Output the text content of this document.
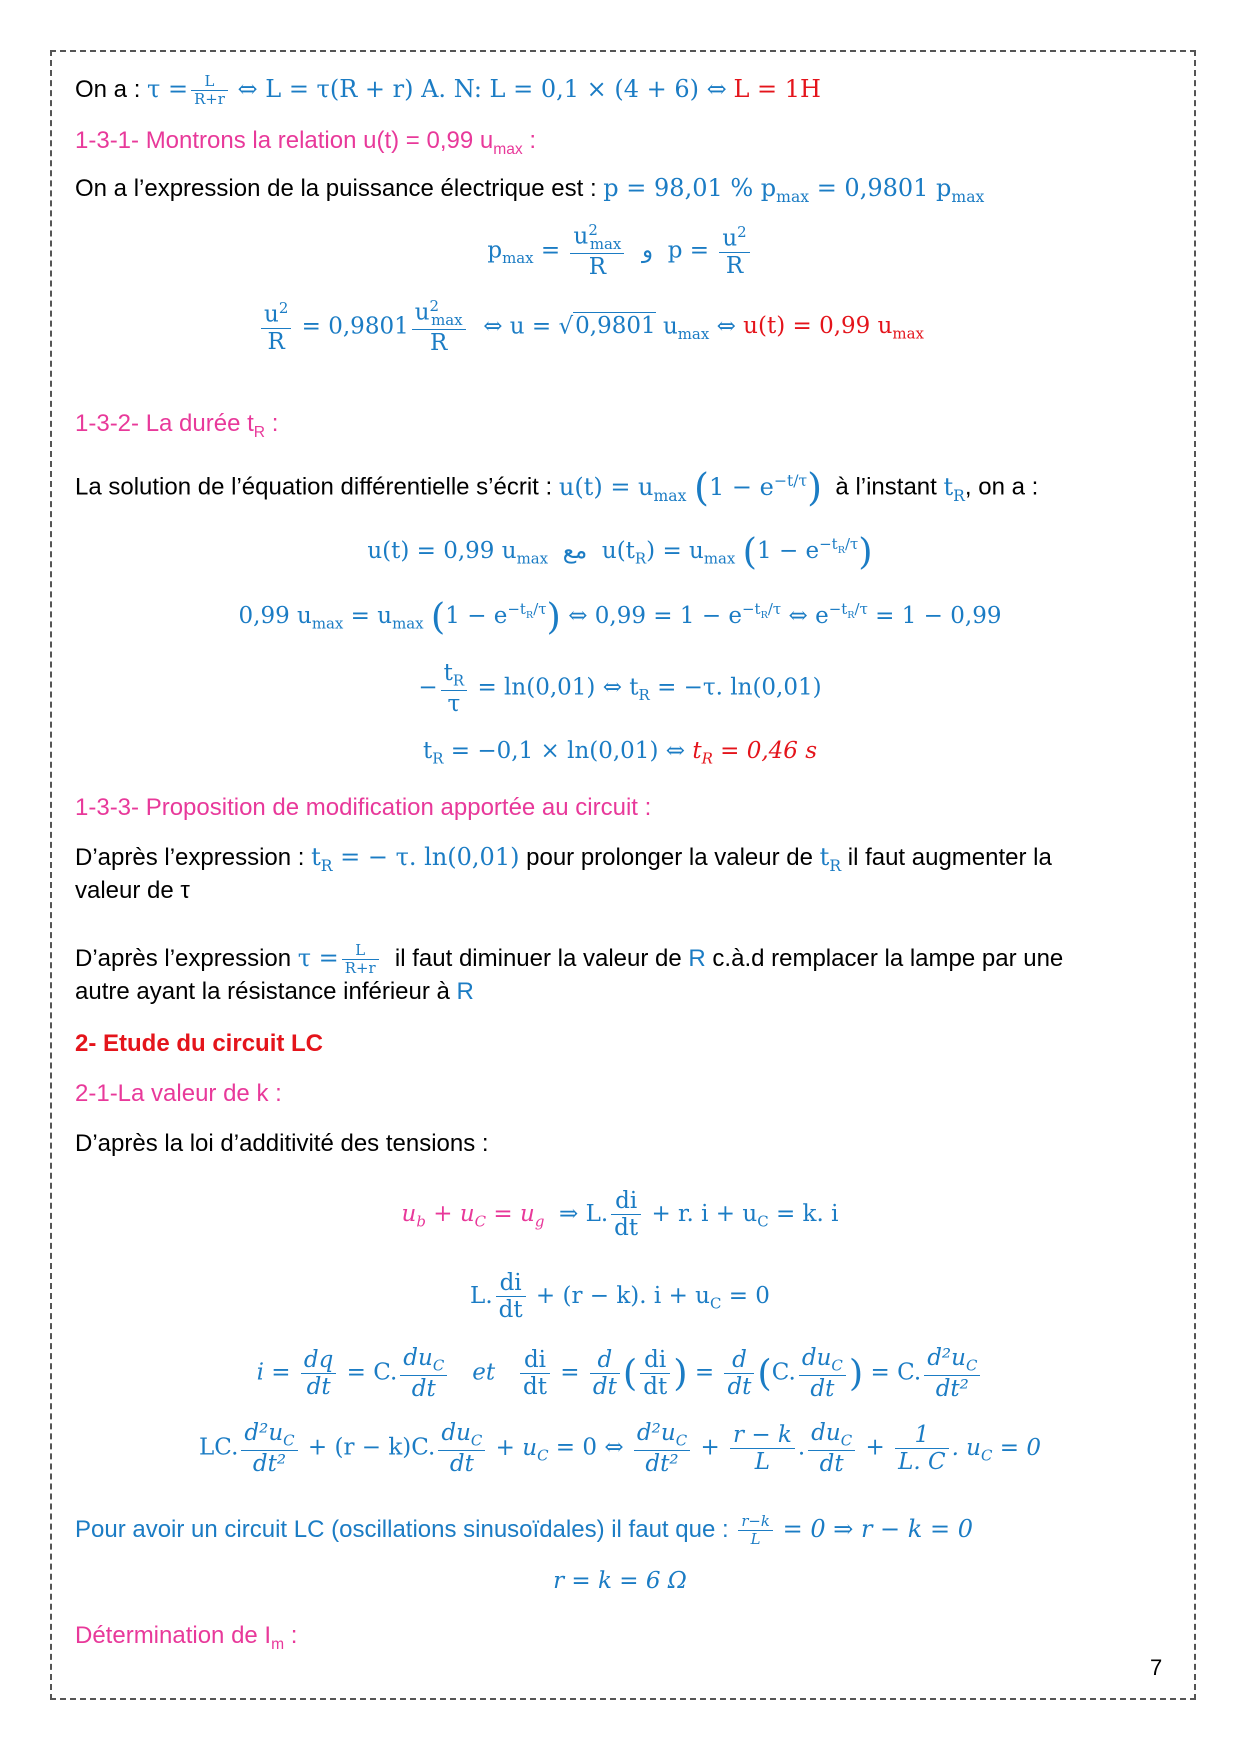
On a : $\tau = \frac{L}{R+r}$ ⇔ L = τ(R + r) A. N: L = 0,1 × (4 + 6) ⇔ L = 1H
1-3-1- Montrons la relation u(t) = 0,99 $u_{max}$ :
On a l’expression de la puissance électrique est : p = 98,01 % $p_{max} = 0,9801$ $p_{max}$
$p_{max} = \frac{u^2_{max}}{R}$ و $p = \frac{u^2}{R}$
$\frac{u^2}{R} = 0,9801 \frac{u^2_{max}}{R}$ ⇔ u = √0,9801 $u_{max}$ ⇔ u(t) = 0,99 $u_{max}$
1-3-2- La durée $t_R$ :
La solution de l’équation différentielle s’écrit : $u(t) = u_{max}$ $(1 - e^{-t/\tau})$ à l’instant $t_R$, on a :
u(t) = 0,99 $u_{max}$ مع $u(t_R) = u_{max}$ $(1 - e^{-t_R/\tau})$
0,99 $u_{max} = u_{max}$ $(1 - e^{-t_R/\tau})$ ⇔ $0,99 = 1 - e^{-t_R/\tau}$ ⇔ $e^{-t_R/\tau} = 1 - 0,99$
− $\frac{t_R}{\tau} = \ln(0,01)$ ⇔ $t_R = -\tau$. ln(0,01)
$t_R = -0,1 \times \ln(0,01)$ ⇔ $t_R = 0,46$ s
1-3-3- Proposition de modification apportée au circuit :
D’après l’expression : $t_R$ = − τ. ln(0,01) pour prolonger la valeur de $t_R$ il faut augmenter la
valeur de τ
D’après l’expression $\tau = \frac{L}{R+r}$ il faut diminuer la valeur de R c.à.d remplacer la lampe par une
autre ayant la résistance inférieur à R
2- Etude du circuit LC
2-1-La valeur de k :
D’après la loi d’additivité des tensions :
$u_b + u_C = u_g$ ⇒ L. $\frac{di}{dt} + r$. $i + u_C = k$. i
L. $\frac{di}{dt} + (r - k)$. $i + u_C = 0$
$i = \frac{dq}{dt} = C$. $\frac{du_C}{dt}$ et $\frac{di}{dt} = \frac{d}{dt}$ ( $\frac{di}{dt}$ ) = $\frac{d}{dt} (C$. $\frac{du_C}{dt}$ ) = C. $\frac{d^2u_C}{\text{dt²}}$
LC. $\frac{d^2u_C}{\text{dt²}} + (r - k)C$. $\frac{du_C}{dt} + u_C = 0$ ⇔ $\frac{d^2u_C}{\text{dt²}} + \frac{r - k}{L}$ . $\frac{du_C}{dt} + \frac{1}{L. C}$ . $u_C = 0$
Pour avoir un circuit LC (oscillations sinusoïdales) il faut que : $\frac{r-k}{L} = 0$ ⇒ r − k = 0
r = k = 6 Ω
Détermination de $I_m$ :
7
